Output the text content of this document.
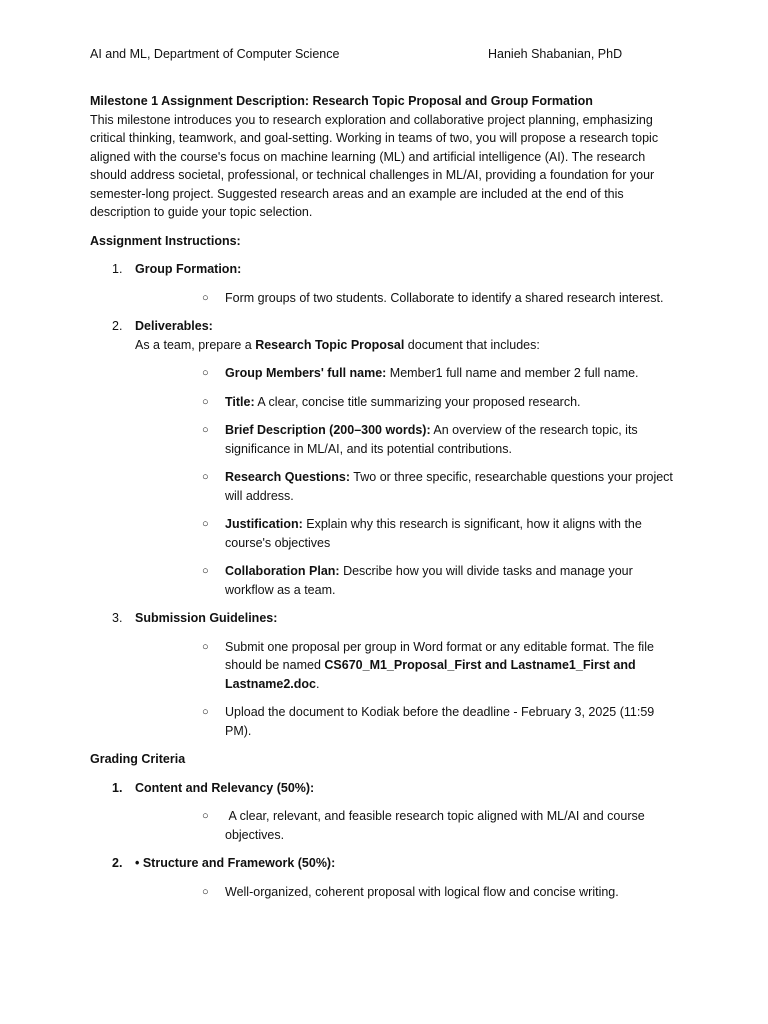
AI and ML, Department of Computer Science	Hanieh Shabanian, PhD

Milestone 1 Assignment Description: Research Topic Proposal and Group Formation

This milestone introduces you to research exploration and collaborative project planning, emphasizing critical thinking, teamwork, and goal-setting. Working in teams of two, you will propose a research topic aligned with the course's focus on machine learning (ML) and artificial intelligence (AI). The research should address societal, professional, or technical challenges in ML/AI, providing a foundation for your semester-long project. Suggested research areas and an example are included at the end of this description to guide your topic selection.

Assignment Instructions:

1. Group Formation:
○ Form groups of two students. Collaborate to identify a shared research interest.
2. Deliverables:
As a team, prepare a Research Topic Proposal document that includes:
○ Group Members' full name: Member1 full name and member 2 full name.
○ Title: A clear, concise title summarizing your proposed research.
○ Brief Description (200–300 words): An overview of the research topic, its significance in ML/AI, and its potential contributions.
○ Research Questions: Two or three specific, researchable questions your project will address.
○ Justification: Explain why this research is significant, how it aligns with the course's objectives
○ Collaboration Plan: Describe how you will divide tasks and manage your workflow as a team.
3. Submission Guidelines:
○ Submit one proposal per group in Word format or any editable format. The file should be named CS670_M1_Proposal_First and Lastname1_First and Lastname2.doc.
○ Upload the document to Kodiak before the deadline - February 3, 2025 (11:59 PM).

Grading Criteria

1. Content and Relevancy (50%):
○ A clear, relevant, and feasible research topic aligned with ML/AI and course objectives.
2. • Structure and Framework (50%):
○ Well-organized, coherent proposal with logical flow and concise writing.
